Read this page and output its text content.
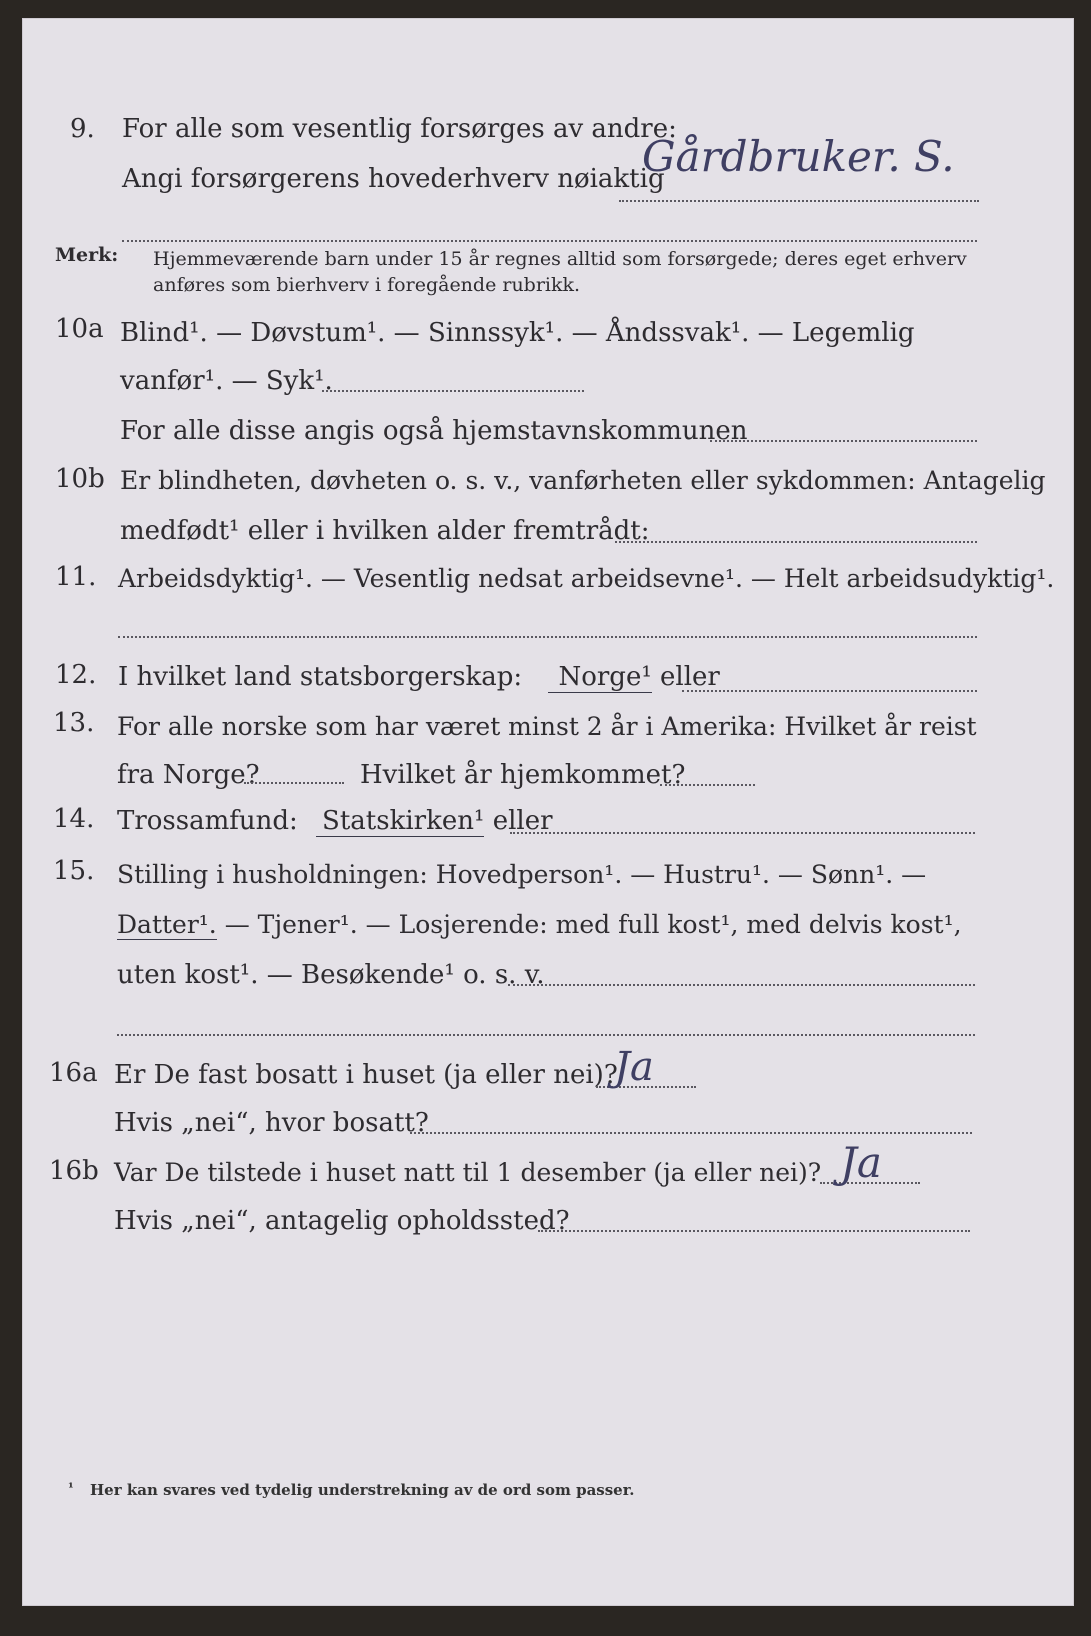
9. For alle som vesentlig forsørges av andre:
Angi forsørgerens hovederhverv nøiaktig
Gårdbruker. S.
Merk: Hjemmeværende barn under 15 år regnes alltid som forsørgede; deres eget erhverv
anføres som bierhverv i foregående rubrikk.
10a Blind¹. — Døvstum¹. — Sinnssyk¹. — Åndssvak¹. — Legemlig
vanfør¹. — Syk¹.
For alle disse angis også hjemstavnskommunen
10b Er blindheten, døvheten o. s. v., vanførheten eller sykdommen: Antagelig
medfødt¹ eller i hvilken alder fremtrådt:
11. Arbeidsdyktig¹. — Vesentlig nedsat arbeidsevne¹. — Helt arbeidsudyktig¹.
12. I hvilket land statsborgerskap: Norge¹ eller
13. For alle norske som har været minst 2 år i Amerika: Hvilket år reist
fra Norge?	Hvilket år hjemkommet?
14. Trossamfund: Statskirken¹ eller
15. Stilling i husholdningen: Hovedperson¹. — Hustru¹. — Sønn¹. —
Datter¹. — Tjener¹. — Losjerende: med full kost¹, med delvis kost¹,
uten kost¹. — Besøkende¹ o. s. v.
16a Er De fast bosatt i huset (ja eller nei)?
Ja
Hvis „nei“, hvor bosatt?
16b Var De tilstede i huset natt til 1 desember (ja eller nei)? Ja
Hvis „nei“, antagelig opholdssted?
¹ Her kan svares ved tydelig understrekning av de ord som passer.
